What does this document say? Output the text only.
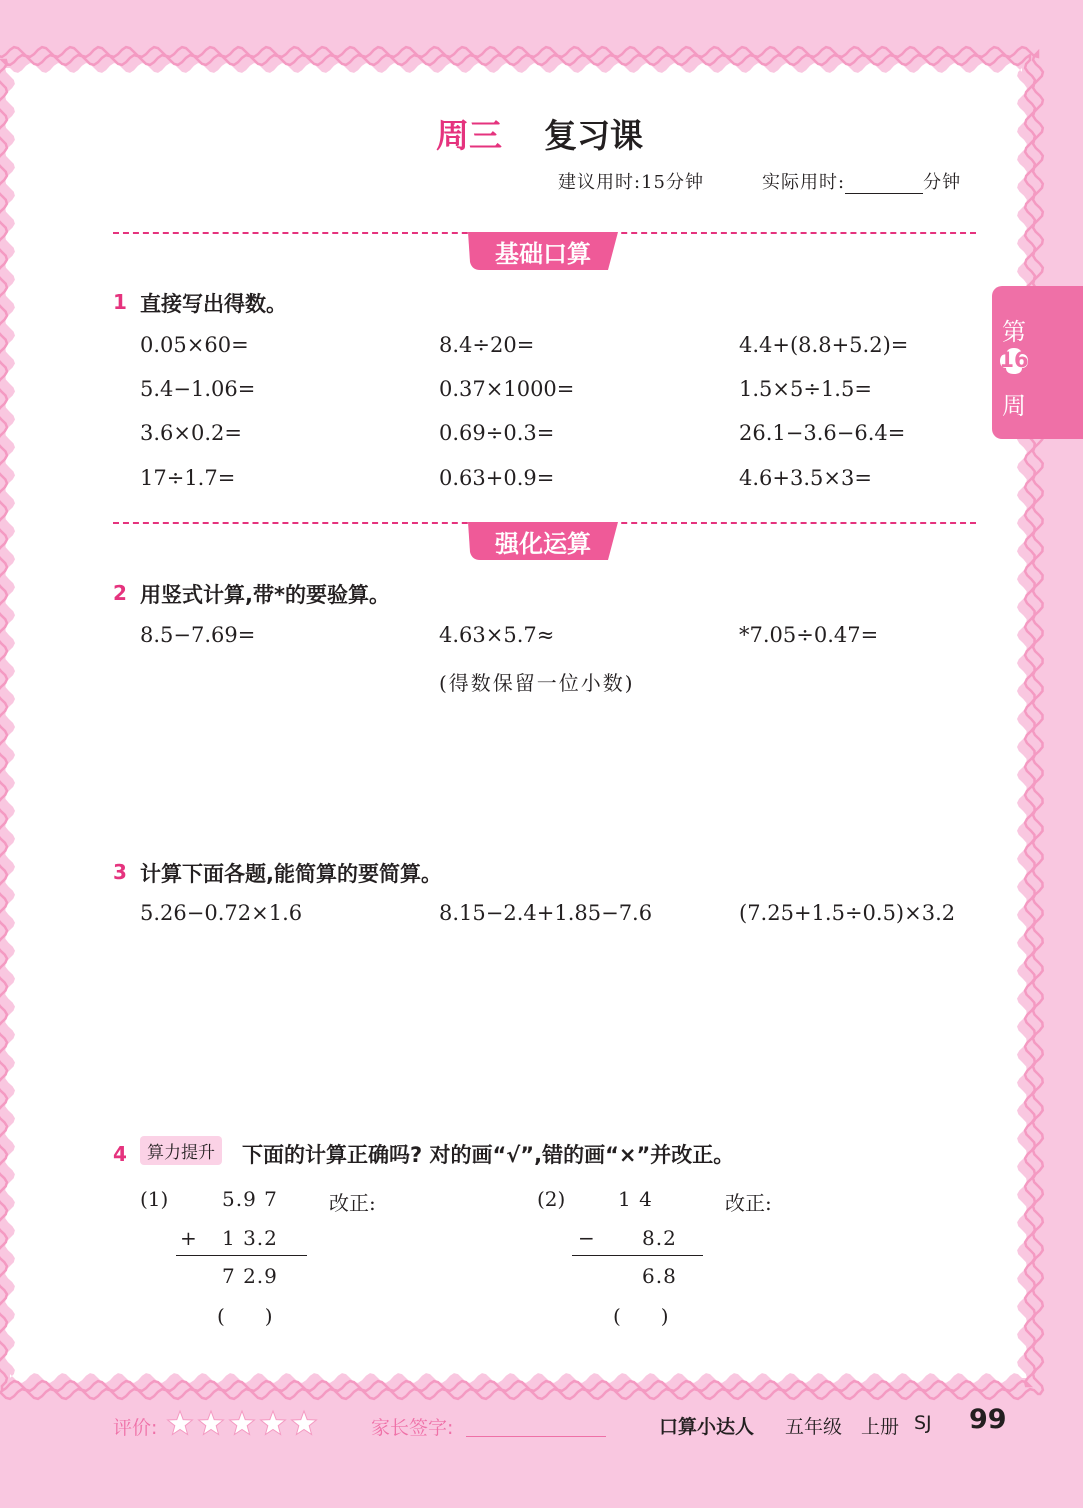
周三 复习课
建议用时:15分钟	实际用时:	分钟
基础口算
第
16
周
1 直接写出得数。
0.05×60=	8.4÷20=	4.4+(8.8+5.2)=
5.4−1.06=	0.37×1000=	1.5×5÷1.5=
3.6×0.2=	0.69÷0.3=	26.1−3.6−6.4=
17÷1.7=	0.63+0.9=	4.6+3.5×3=
强化运算
2 用竖式计算,带*的要验算。
8.5−7.69=	4.63×5.7≈	*7.05÷0.47=
(得数保留一位小数)
3 计算下面各题,能简算的要简算。
5.26−0.72×1.6	8.15−2.4+1.85−7.6	(7.25+1.5÷0.5)×3.2
4	算力提升	下面的计算正确吗? 对的画“√”,错的画“×”并改正。
(1)	5.9 7	改正:
+ 1 3.2
7 2.9
(　　)
(2)	1 4	改正:
− 8.2
6.8
(　　)
评价:	家长签字:	口算小达人 五年级 上册 SJ 99
